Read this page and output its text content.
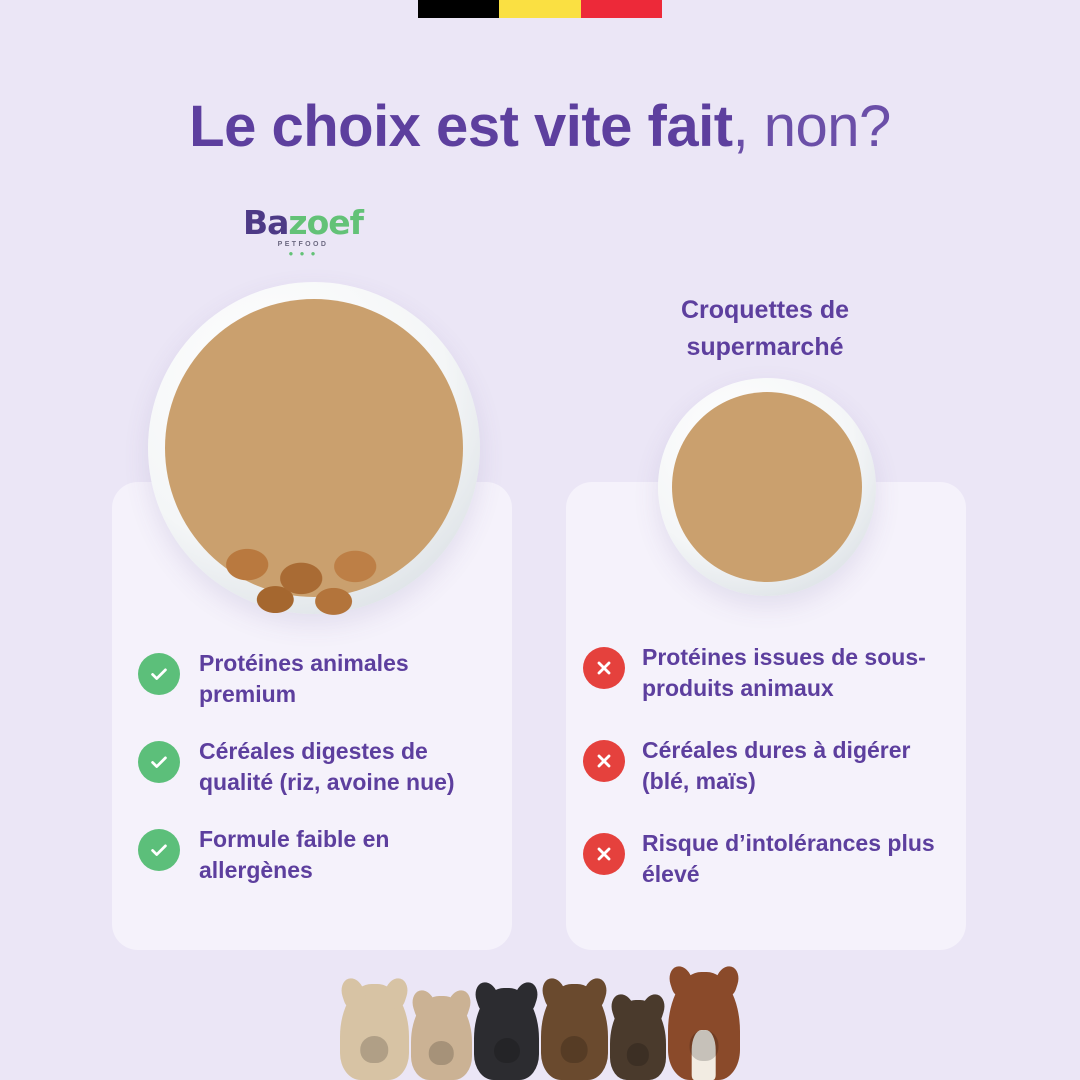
Le choix est vite fait, non?
Bazoef
PETFOOD
● ● ●
Croquettes de supermarché
Protéines animales premium
Céréales digestes de qualité (riz, avoine nue)
Formule faible en allergènes
Protéines issues de sous-produits animaux
Céréales dures à digérer (blé, maïs)
Risque d’intolérances plus élevé
